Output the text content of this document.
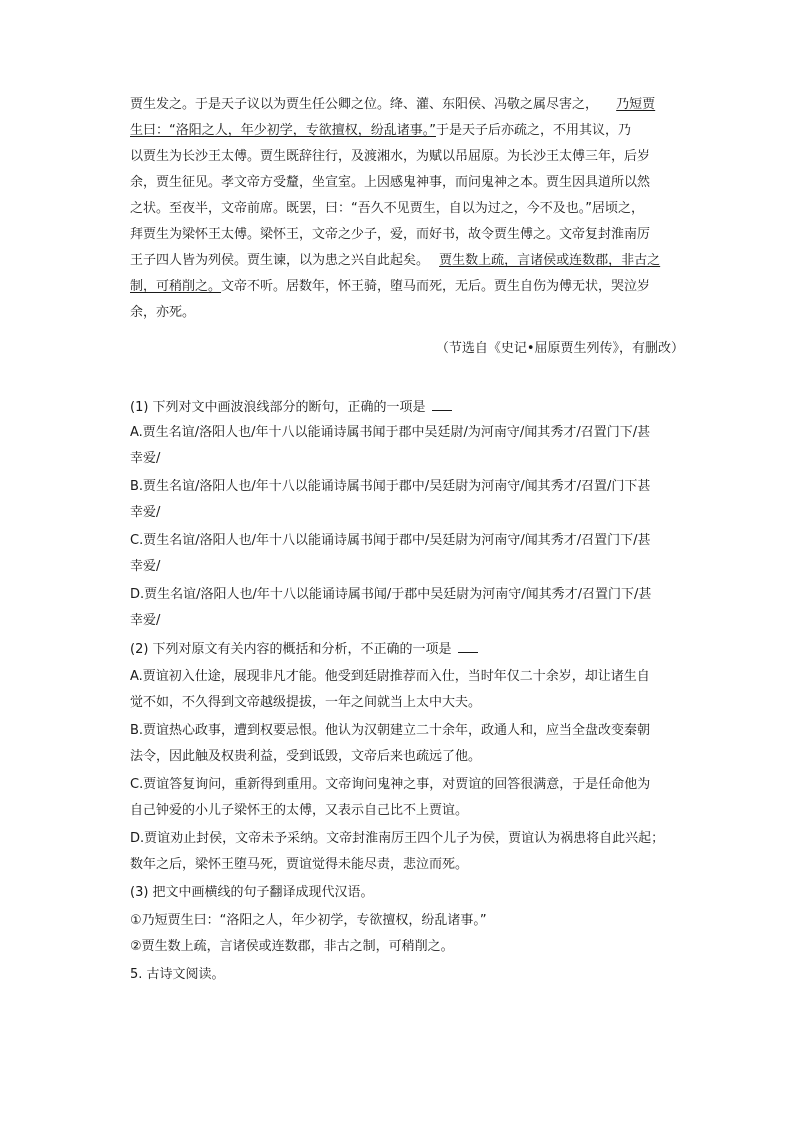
贾生发之。于是天子议以为贾生任公卿之位。绛、灌、东阳侯、冯敬之属尽害之， 乃短贾
生曰：“洛阳之人，年少初学，专欲擅权，纷乱诸事。”于是天子后亦疏之，不用其议，乃
以贾生为长沙王太傅。贾生既辞往行，及渡湘水，为赋以吊屈原。为长沙王太傅三年，后岁
余，贾生征见。孝文帝方受釐，坐宣室。上因感鬼神事，而问鬼神之本。贾生因具道所以然
之状。至夜半，文帝前席。既罢，曰：“吾久不见贾生，自以为过之，今不及也。”居顷之，
拜贾生为梁怀王太傅。梁怀王，文帝之少子，爱，而好书，故令贾生傅之。文帝复封淮南厉
王子四人皆为列侯。贾生谏，以为患之兴自此起矣。 贾生数上疏，言诸侯或连数郡，非古之
制，可稍削之。文帝不听。居数年，怀王骑，堕马而死，无后。贾生自伤为傅无状，哭泣岁
余，亦死。
（节选自《史记•屈原贾生列传》，有删改）
(1) 下列对文中画波浪线部分的断句，正确的一项是
A.贾生名谊/洛阳人也/年十八以能诵诗属书闻于郡中吴廷尉/为河南守/闻其秀才/召置门下/甚
幸爱/
B.贾生名谊/洛阳人也/年十八以能诵诗属书闻于郡中/吴廷尉为河南守/闻其秀才/召置/门下甚
幸爱/
C.贾生名谊/洛阳人也/年十八以能诵诗属书闻于郡中/吴廷尉为河南守/闻其秀才/召置门下/甚
幸爱/
D.贾生名谊/洛阳人也/年十八以能诵诗属书闻/于郡中吴廷尉为河南守/闻其秀才/召置门下/甚
幸爱/
(2) 下列对原文有关内容的概括和分析，不正确的一项是
A.贾谊初入仕途，展现非凡才能。他受到廷尉推荐而入仕，当时年仅二十余岁，却让诸生自
觉不如，不久得到文帝越级提拔，一年之间就当上太中大夫。
B.贾谊热心政事，遭到权要忌恨。他认为汉朝建立二十余年，政通人和，应当全盘改变秦朝
法令，因此触及权贵利益，受到诋毁，文帝后来也疏远了他。
C.贾谊答复询问，重新得到重用。文帝询问鬼神之事，对贾谊的回答很满意，于是任命他为
自己钟爱的小儿子梁怀王的太傅，又表示自己比不上贾谊。
D.贾谊劝止封侯，文帝未予采纳。文帝封淮南厉王四个儿子为侯，贾谊认为祸患将自此兴起；
数年之后，梁怀王堕马死，贾谊觉得未能尽责，悲泣而死。
(3) 把文中画横线的句子翻译成现代汉语。
①乃短贾生曰：“洛阳之人，年少初学，专欲擅权，纷乱诸事。”
②贾生数上疏，言诸侯或连数郡，非古之制，可稍削之。
5. 古诗文阅读。
